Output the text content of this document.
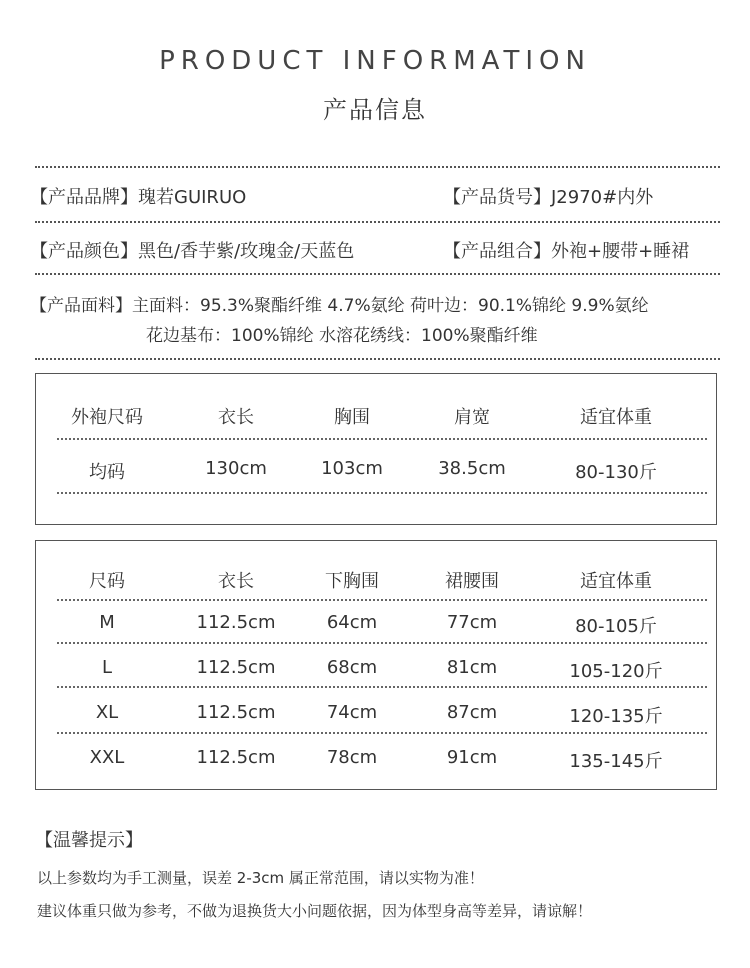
PRODUCT INFORMATION
产品信息
【产品品牌】瑰若GUIRUO	【产品货号】J2970#内外
【产品颜色】黑色/香芋紫/玫瑰金/天蓝色	【产品组合】外袍+腰带+睡裙
【产品面料】主面料：95.3%聚酯纤维 4.7%氨纶 荷叶边：90.1%锦纶 9.9%氨纶
花边基布：100%锦纶 水溶花绣线：100%聚酯纤维
外袍尺码	衣长	胸围	肩宽	适宜体重
均码	130cm	103cm	38.5cm	80-130斤
尺码	衣长	下胸围	裙腰围	适宜体重
M	112.5cm	64cm	77cm	80-105斤
L	112.5cm	68cm	81cm	105-120斤
XL	112.5cm	74cm	87cm	120-135斤
XXL	112.5cm	78cm	91cm	135-145斤
【温馨提示】
以上参数均为手工测量，误差 2-3cm 属正常范围，请以实物为准！
建议体重只做为参考，不做为退换货大小问题依据，因为体型身高等差异，请谅解！
